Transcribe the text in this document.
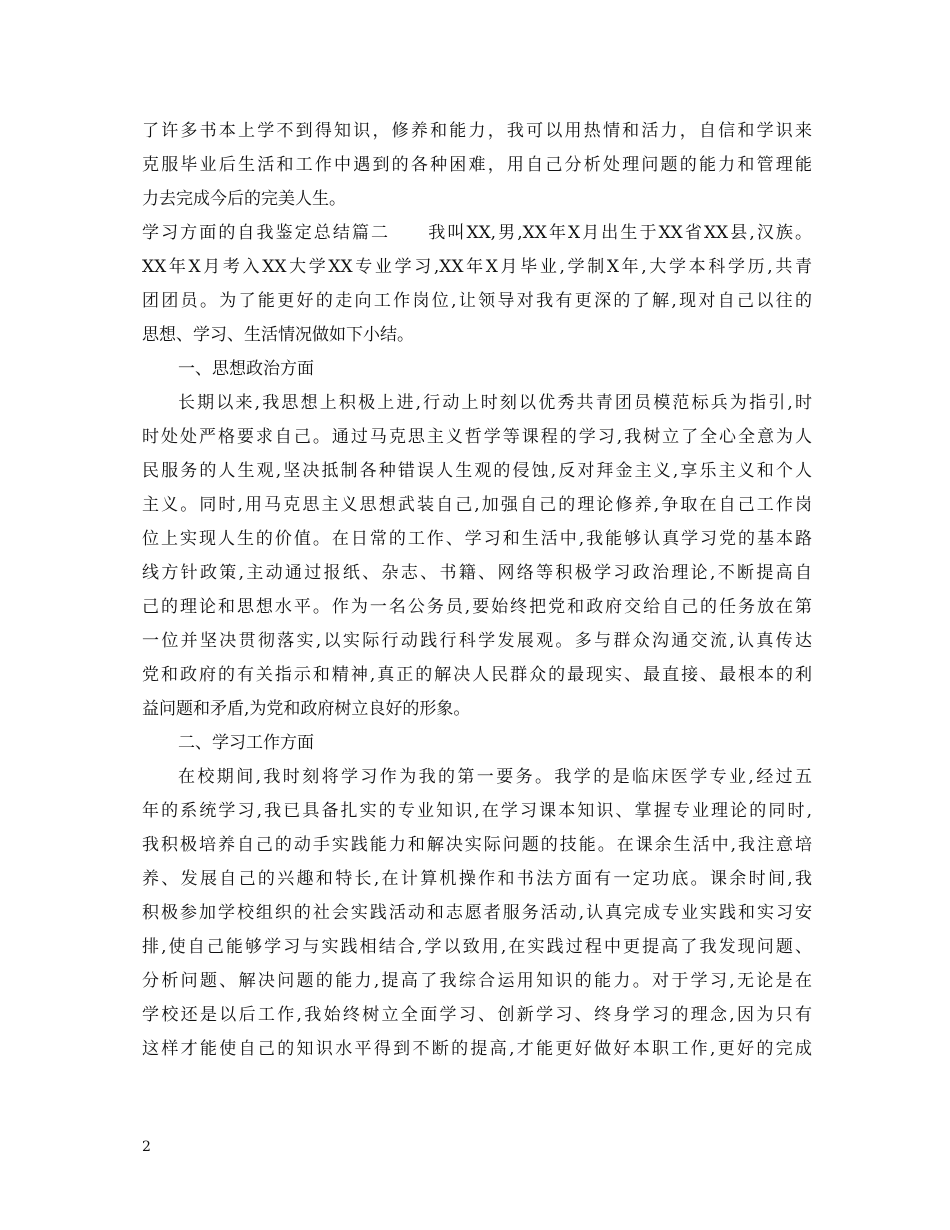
了许多书本上学不到得知识，修养和能力，我可以用热情和活力，自信和学识来
克服毕业后生活和工作中遇到的各种困难，用自己分析处理问题的能力和管理能
力去完成今后的完美人生。
学习方面的自我鉴定总结篇二　　我叫XX,男,XX年X月出生于XX省XX县,汉族。
XX年X月考入XX大学XX专业学习,XX年X月毕业,学制X年,大学本科学历,共青
团团员。为了能更好的走向工作岗位,让领导对我有更深的了解,现对自己以往的
思想、学习、生活情况做如下小结。
一、思想政治方面
长期以来,我思想上积极上进,行动上时刻以优秀共青团员模范标兵为指引,时
时处处严格要求自己。通过马克思主义哲学等课程的学习,我树立了全心全意为人
民服务的人生观,坚决抵制各种错误人生观的侵蚀,反对拜金主义,享乐主义和个人
主义。同时,用马克思主义思想武装自己,加强自己的理论修养,争取在自己工作岗
位上实现人生的价值。在日常的工作、学习和生活中,我能够认真学习党的基本路
线方针政策,主动通过报纸、杂志、书籍、网络等积极学习政治理论,不断提高自
己的理论和思想水平。作为一名公务员,要始终把党和政府交给自己的任务放在第
一位并坚决贯彻落实,以实际行动践行科学发展观。多与群众沟通交流,认真传达
党和政府的有关指示和精神,真正的解决人民群众的最现实、最直接、最根本的利
益问题和矛盾,为党和政府树立良好的形象。
二、学习工作方面
在校期间,我时刻将学习作为我的第一要务。我学的是临床医学专业,经过五
年的系统学习,我已具备扎实的专业知识,在学习课本知识、掌握专业理论的同时,
我积极培养自己的动手实践能力和解决实际问题的技能。在课余生活中,我注意培
养、发展自己的兴趣和特长,在计算机操作和书法方面有一定功底。课余时间,我
积极参加学校组织的社会实践活动和志愿者服务活动,认真完成专业实践和实习安
排,使自己能够学习与实践相结合,学以致用,在实践过程中更提高了我发现问题、
分析问题、解决问题的能力,提高了我综合运用知识的能力。对于学习,无论是在
学校还是以后工作,我始终树立全面学习、创新学习、终身学习的理念,因为只有
这样才能使自己的知识水平得到不断的提高,才能更好做好本职工作,更好的完成
2
